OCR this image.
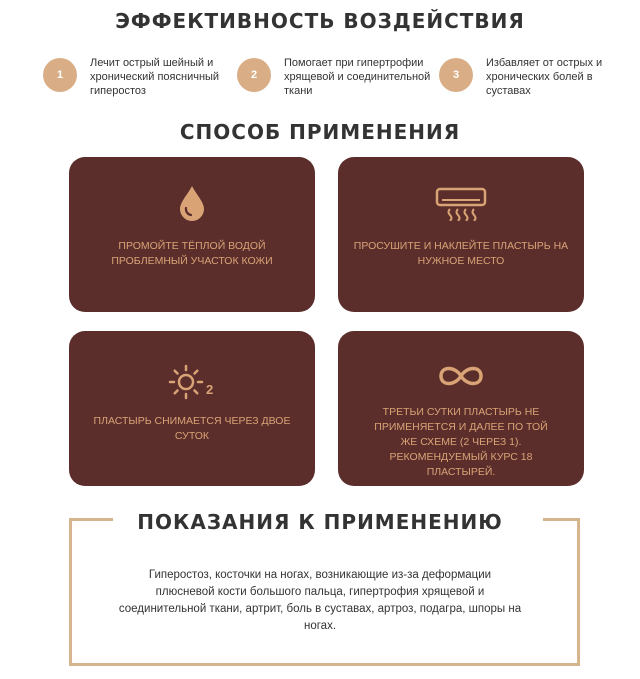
ЭФФЕКТИВНОСТЬ ВОЗДЕЙСТВИЯ
1
Лечит острый шейный и хронический поясничный гиперостоз
2
Помогает при гипертрофии хрящевой и соединительной ткани
3
Избавляет от острых и хронических болей в суставах
СПОСОБ ПРИМЕНЕНИЯ
ПРОМОЙТЕ ТЁПЛОЙ ВОДОЙ ПРОБЛЕМНЫЙ УЧАСТОК КОЖИ
ПРОСУШИТЕ И НАКЛЕЙТЕ ПЛАСТЫРЬ НА НУЖНОЕ МЕСТО
2
ПЛАСТЫРЬ СНИМАЕТСЯ ЧЕРЕЗ ДВОЕ СУТОК
ТРЕТЬИ СУТКИ ПЛАСТЫРЬ НЕ ПРИМЕНЯЕТСЯ И ДАЛЕЕ ПО ТОЙ ЖЕ СХЕМЕ (2 ЧЕРЕЗ 1). РЕКОМЕНДУЕМЫЙ КУРС 18 ПЛАСТЫРЕЙ.
ПОКАЗАНИЯ К ПРИМЕНЕНИЮ
Гиперостоз, косточки на ногах, возникающие из-за деформации плюсневой кости большого пальца, гипертрофия хрящевой и соединительной ткани, артрит, боль в суставах, артроз, подагра, шпоры на ногах.
